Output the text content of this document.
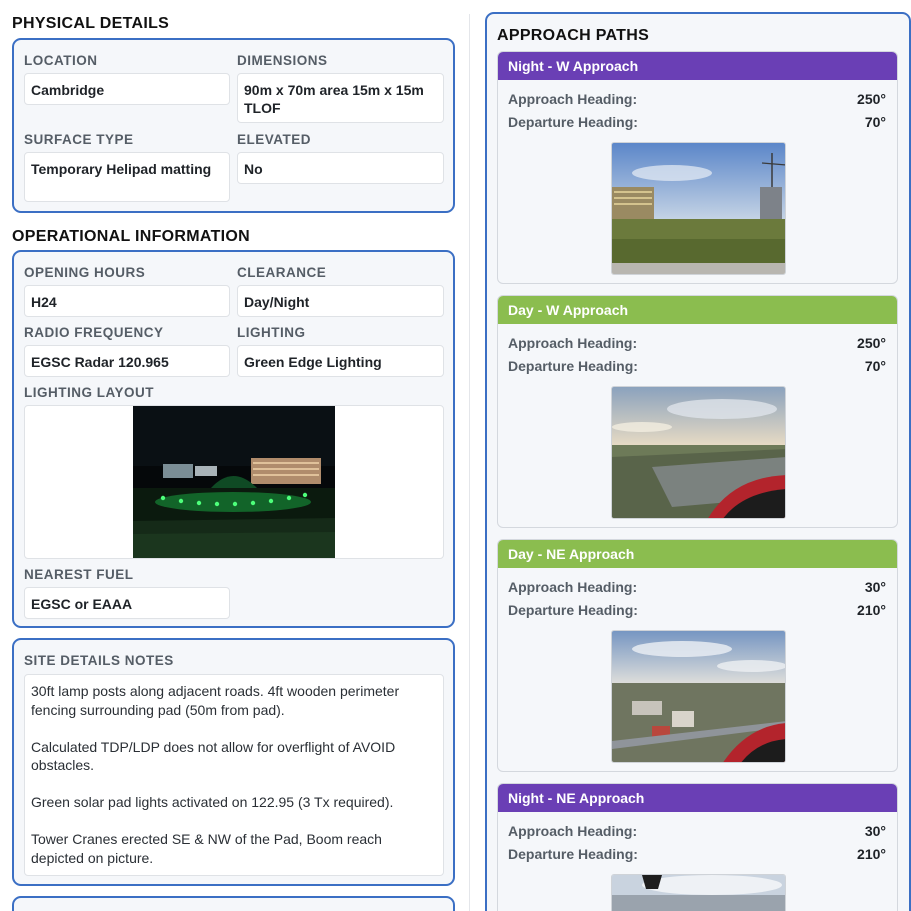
PHYSICAL DETAILS
LOCATION
Cambridge
DIMENSIONS
90m x 70m area 15m x 15m TLOF
SURFACE TYPE
Temporary Helipad matting
ELEVATED
No
OPERATIONAL INFORMATION
OPENING HOURS
H24
CLEARANCE
Day/Night
RADIO FREQUENCY
EGSC Radar 120.965
LIGHTING
Green Edge Lighting
LIGHTING LAYOUT
NEAREST FUEL
EGSC or EAAA
SITE DETAILS NOTES

30ft lamp posts along adjacent roads. 4ft wooden perimeter fencing surrounding pad (50m from pad).

Calculated TDP/LDP does not allow for overflight of AVOID obstacles.

Green solar pad lights activated on 122.95 (3 Tx required).

Tower Cranes erected SE & NW of the Pad, Boom reach depicted on picture.

APPROACH PATHS
Night - W Approach
Approach Heading:	250°
Departure Heading:	70°
Day - W Approach
Approach Heading:	250°
Departure Heading:	70°
Day - NE Approach
Approach Heading:	30°
Departure Heading:	210°
Night - NE Approach
Approach Heading:	30°
Departure Heading:	210°
